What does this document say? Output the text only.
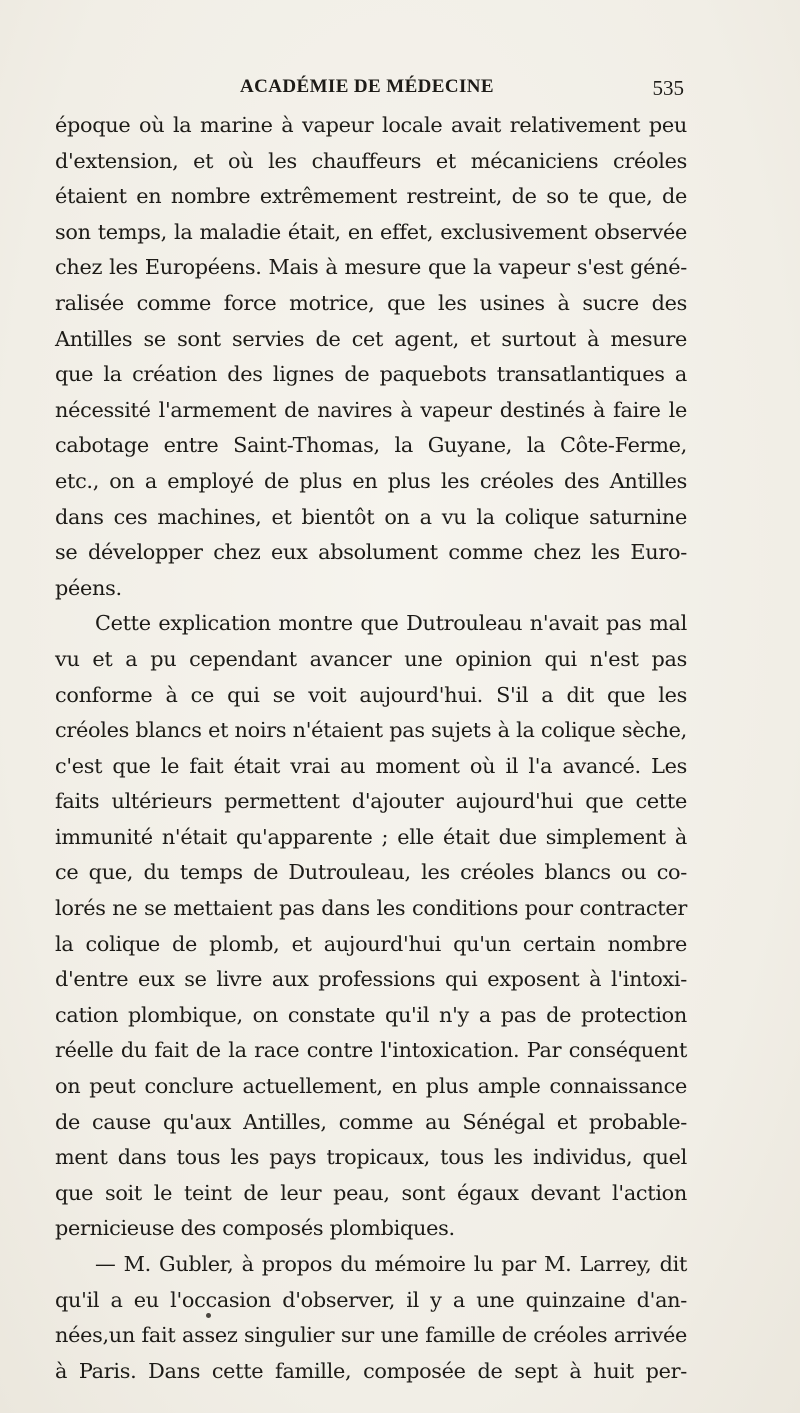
ACADÉMIE DE MÉDECINE	535
époque où la marine à vapeur locale avait relativement peu
d'extension, et où les chauffeurs et mécaniciens créoles
étaient en nombre extrêmement restreint, de so te que, de
son temps, la maladie était, en effet, exclusivement observée
chez les Européens. Mais à mesure que la vapeur s'est géné-
ralisée comme force motrice, que les usines à sucre des
Antilles se sont servies de cet agent, et surtout à mesure
que la création des lignes de paquebots transatlantiques a
nécessité l'armement de navires à vapeur destinés à faire le
cabotage entre Saint-Thomas, la Guyane, la Côte-Ferme,
etc., on a employé de plus en plus les créoles des Antilles
dans ces machines, et bientôt on a vu la colique saturnine
se développer chez eux absolument comme chez les Euro-
péens.
Cette explication montre que Dutrouleau n'avait pas mal
vu et a pu cependant avancer une opinion qui n'est pas
conforme à ce qui se voit aujourd'hui. S'il a dit que les
créoles blancs et noirs n'étaient pas sujets à la colique sèche,
c'est que le fait était vrai au moment où il l'a avancé. Les
faits ultérieurs permettent d'ajouter aujourd'hui que cette
immunité n'était qu'apparente ; elle était due simplement à
ce que, du temps de Dutrouleau, les créoles blancs ou co-
lorés ne se mettaient pas dans les conditions pour contracter
la colique de plomb, et aujourd'hui qu'un certain nombre
d'entre eux se livre aux professions qui exposent à l'intoxi-
cation plombique, on constate qu'il n'y a pas de protection
réelle du fait de la race contre l'intoxication. Par conséquent
on peut conclure actuellement, en plus ample connaissance
de cause qu'aux Antilles, comme au Sénégal et probable-
ment dans tous les pays tropicaux, tous les individus, quel
que soit le teint de leur peau, sont égaux devant l'action
pernicieuse des composés plombiques.
— M. Gubler, à propos du mémoire lu par M. Larrey, dit
qu'il a eu l'occasion d'observer, il y a une quinzaine d'an-
nées,un fait assez singulier sur une famille de créoles arrivée
à Paris. Dans cette famille, composée de sept à huit per-
